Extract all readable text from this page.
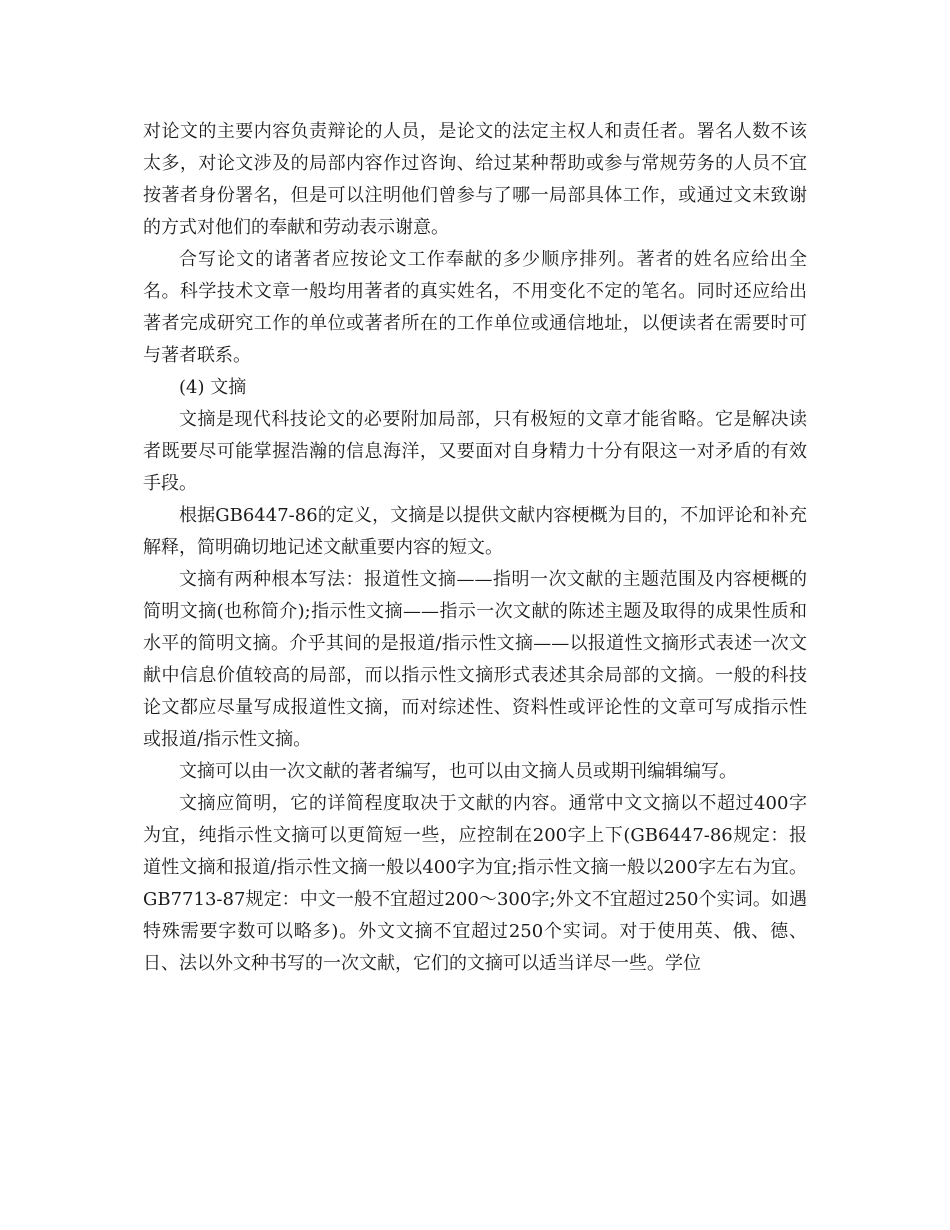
对论文的主要内容负责辩论的人员，是论文的法定主权人和责任者。署名人数不该太多，对论文涉及的局部内容作过咨询、给过某种帮助或参与常规劳务的人员不宜按著者身份署名，但是可以注明他们曾参与了哪一局部具体工作，或通过文末致谢的方式对他们的奉献和劳动表示谢意。

合写论文的诸著者应按论文工作奉献的多少顺序排列。著者的姓名应给出全名。科学技术文章一般均用著者的真实姓名，不用变化不定的笔名。同时还应给出著者完成研究工作的单位或著者所在的工作单位或通信地址，以便读者在需要时可与著者联系。

(4) 文摘

文摘是现代科技论文的必要附加局部，只有极短的文章才能省略。它是解决读者既要尽可能掌握浩瀚的信息海洋，又要面对自身精力十分有限这一对矛盾的有效手段。

根据GB6447-86的定义，文摘是以提供文献内容梗概为目的，不加评论和补充解释，简明确切地记述文献重要内容的短文。

文摘有两种根本写法：报道性文摘——指明一次文献的主题范围及内容梗概的简明文摘(也称简介);指示性文摘——指示一次文献的陈述主题及取得的成果性质和水平的简明文摘。介乎其间的是报道/指示性文摘——以报道性文摘形式表述一次文献中信息价值较高的局部，而以指示性文摘形式表述其余局部的文摘。一般的科技论文都应尽量写成报道性文摘，而对综述性、资料性或评论性的文章可写成指示性或报道/指示性文摘。

文摘可以由一次文献的著者编写，也可以由文摘人员或期刊编辑编写。

文摘应简明，它的详简程度取决于文献的内容。通常中文文摘以不超过400字为宜，纯指示性文摘可以更简短一些，应控制在200字上下(GB6447-86规定：报道性文摘和报道/指示性文摘一般以400字为宜;指示性文摘一般以200字左右为宜。GB7713-87规定：中文一般不宜超过200～300字;外文不宜超过250个实词。如遇特殊需要字数可以略多)。外文文摘不宜超过250个实词。对于使用英、俄、德、日、法以外文种书写的一次文献，它们的文摘可以适当详尽一些。学位
